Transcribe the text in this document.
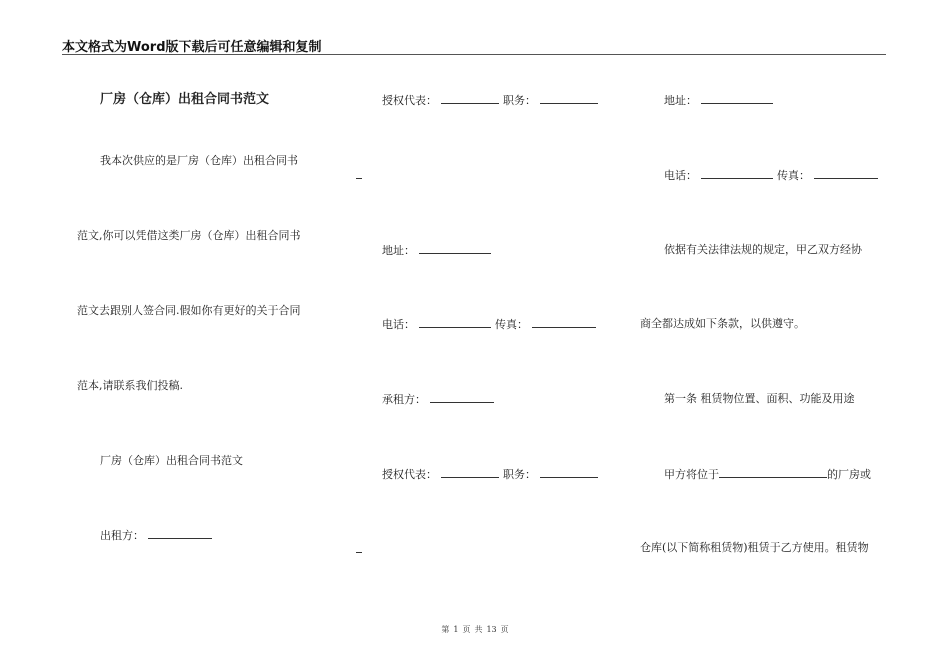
本文格式为Word版下载后可任意编辑和复制
厂房（仓库）出租合同书范文
我本次供应的是厂房（仓库）出租合同书
范文,你可以凭借这类厂房（仓库）出租合同书
范文去跟别人签合同.假如你有更好的关于合同
范本,请联系我们投稿.
厂房（仓库）出租合同书范文
出租方：
授权代表：	职务：
地址：
电话：	传真：
承租方：
授权代表：	职务：
地址：
电话：	传真：
依据有关法律法规的规定，甲乙双方经协
商全都达成如下条款，以供遵守。
第一条 租赁物位置、面积、功能及用途
甲方将位于	的厂房或
仓库(以下简称租赁物)租赁于乙方使用。租赁物
第 1 页 共 13 页
